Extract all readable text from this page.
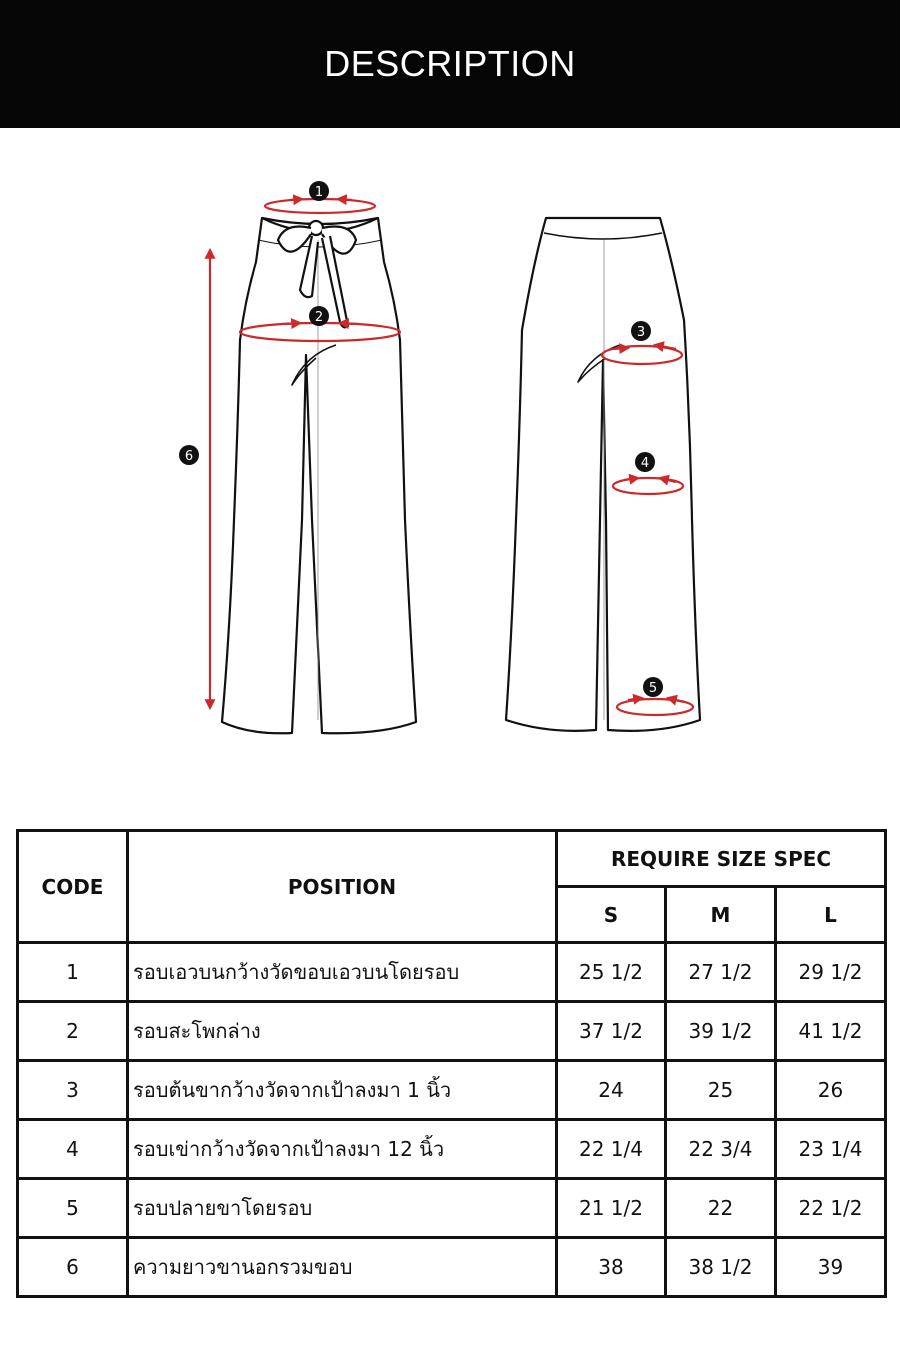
DESCRIPTION
1
2
3
4
5
6
CODE	POSITION	REQUIRE SIZE SPEC		
		S	M	L
1	รอบเอวบนกว้างวัดขอบเอวบนโดยรอบ	25 1/2	27 1/2	29 1/2
2	รอบสะโพกล่าง	37 1/2	39 1/2	41 1/2
3	รอบต้นขากว้างวัดจากเป้าลงมา 1 นิ้ว	24	25	26
4	รอบเข่ากว้างวัดจากเป้าลงมา 12 นิ้ว	22 1/4	22 3/4	23 1/4
5	รอบปลายขาโดยรอบ	21 1/2	22	22 1/2
6	ความยาวขานอกรวมขอบ	38	38 1/2	39
